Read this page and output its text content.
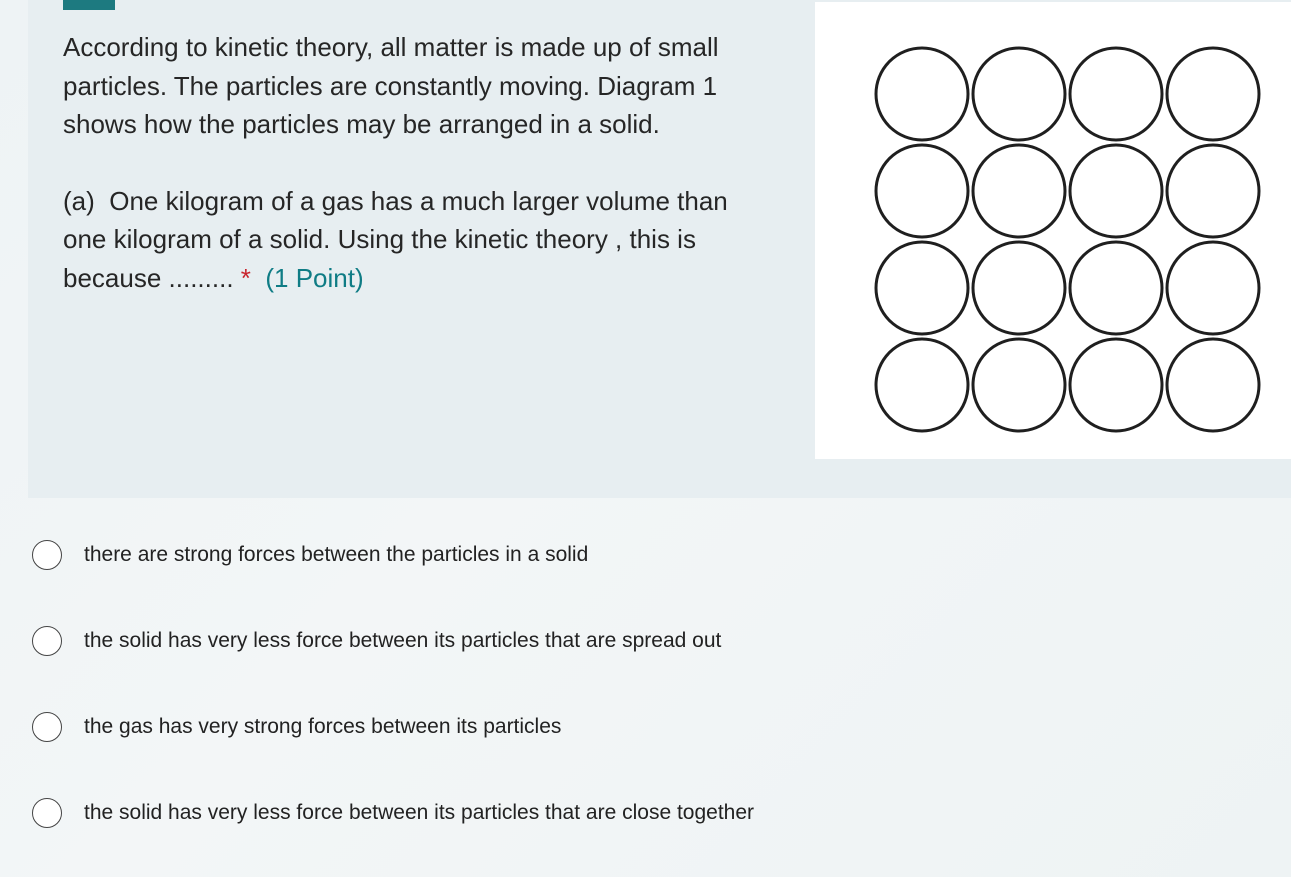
According to kinetic theory, all matter is made up of small particles. The particles are constantly moving. Diagram 1 shows how the particles may be arranged in a solid.

(a)  One kilogram of a gas has a much larger volume than one kilogram of a solid. Using the kinetic theory , this is because ......... * (1 Point)

there are strong forces between the particles in a solid
the solid has very less force between its particles that are spread out
the gas has very strong forces between its particles
the solid has very less force between its particles that are close together
